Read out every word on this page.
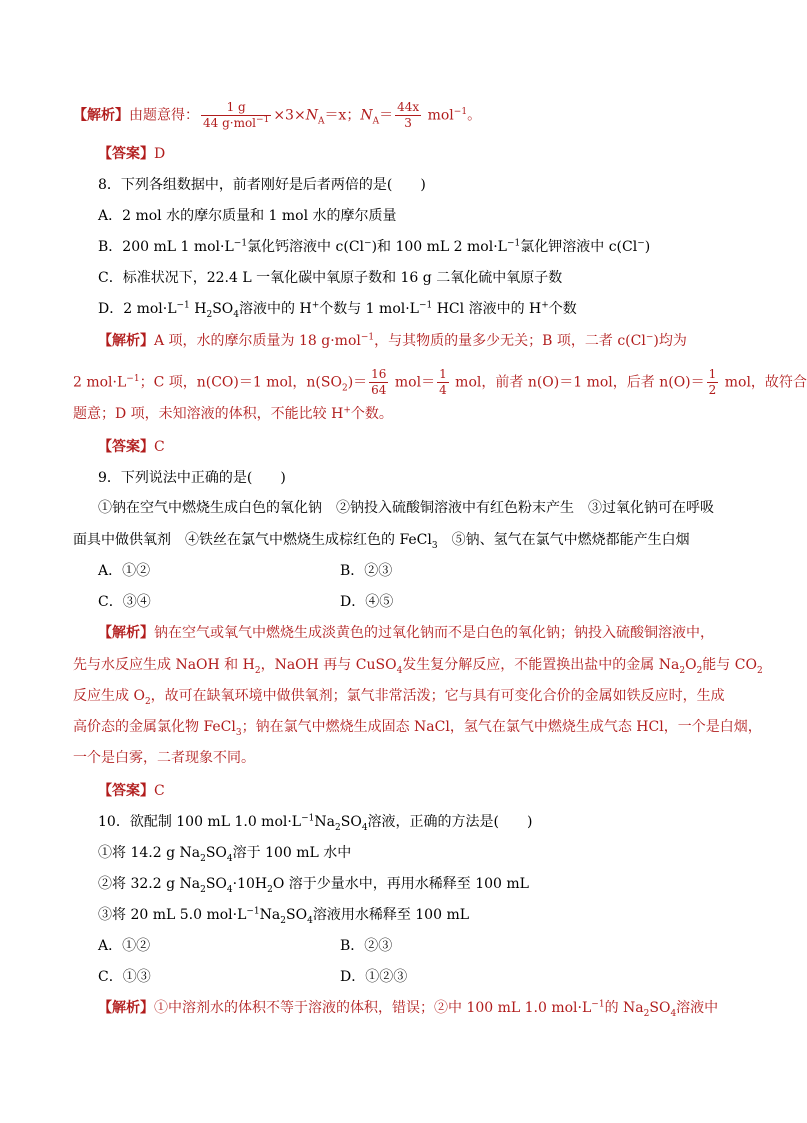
【解析】由题意得： $\frac{1 g}{44 g\cdot mol^{-1}} \times 3\times N_A=x$；$N_A= \frac{44x}{3} mol^{-1}$。
【答案】D
8．下列各组数据中，前者刚好是后者两倍的是(　　)
A．2 mol 水的摩尔质量和 1 mol 水的摩尔质量
B．200 mL 1 $mol\cdot L^{-1}$氯化钙溶液中 c(Cl−)和 100 mL 2 $mol\cdot L^{-1}$氯化钾溶液中 c(Cl−)
C．标准状况下，22.4 L 一氧化碳中氧原子数和 16 g 二氧化硫中氧原子数
D．2 $mol\cdot L^{-1}$ $H_2SO_4$溶液中的 H+个数与 1 $mol\cdot L^{-1}$ HCl 溶液中的 H+个数
【解析】A 项，水的摩尔质量为 18 g·mol$^{-1}$，与其物质的量多少无关；B 项，二者 c(Cl−)均为
2 $mol\cdot L^{-1}$；C 项，n(CO)＝1 mol，$n(SO_2)= \frac{16}{64} mol= \frac{1}{4}$ mol，前者 n(O)＝1 mol，后者 $n(O)= \frac{1}{2}$ mol，故符合
题意；D 项，未知溶液的体积，不能比较 H+个数。
【答案】C
9．下列说法中正确的是(　　)
①钠在空气中燃烧生成白色的氧化钠　②钠投入硫酸铜溶液中有红色粉末产生　③过氧化钠可在呼吸
面具中做供氧剂　④铁丝在氯气中燃烧生成棕红色的 FeCl$_3$　⑤钠、氢气在氯气中燃烧都能产生白烟
A．①②	B．②③
C．③④	D．④⑤
【解析】钠在空气或氧气中燃烧生成淡黄色的过氧化钠而不是白色的氧化钠；钠投入硫酸铜溶液中，
先与水反应生成 NaOH 和 $H_2$，NaOH 再与 CuSO$_4$发生复分解反应，不能置换出盐中的金属 $Na_2O_2$能与 $CO_2$
反应生成 $O_2$，故可在缺氧环境中做供氧剂；氯气非常活泼；它与具有可变化合价的金属如铁反应时，生成
高价态的金属氯化物 FeCl$_3$；钠在氯气中燃烧生成固态 NaCl，氢气在氯气中燃烧生成气态 HCl，一个是白烟，
一个是白雾，二者现象不同。
【答案】C
10．欲配制 100 mL 1.0 $mol\cdot L^{-1}Na_2SO_4$溶液，正确的方法是(　　)
①将 14.2 g $Na_2SO_4$溶于 100 mL 水中
②将 32.2 g $Na_2SO_4\cdot 10H_2O$ 溶于少量水中，再用水稀释至 100 mL
③将 20 mL 5.0 $mol\cdot L^{-1}Na_2SO_4$溶液用水稀释至 100 mL
A．①②	B．②③
C．①③	D．①②③
【解析】①中溶剂水的体积不等于溶液的体积，错误；②中 100 mL 1.0 $mol\cdot L^{-1}$的 $Na_2SO_4$溶液中
